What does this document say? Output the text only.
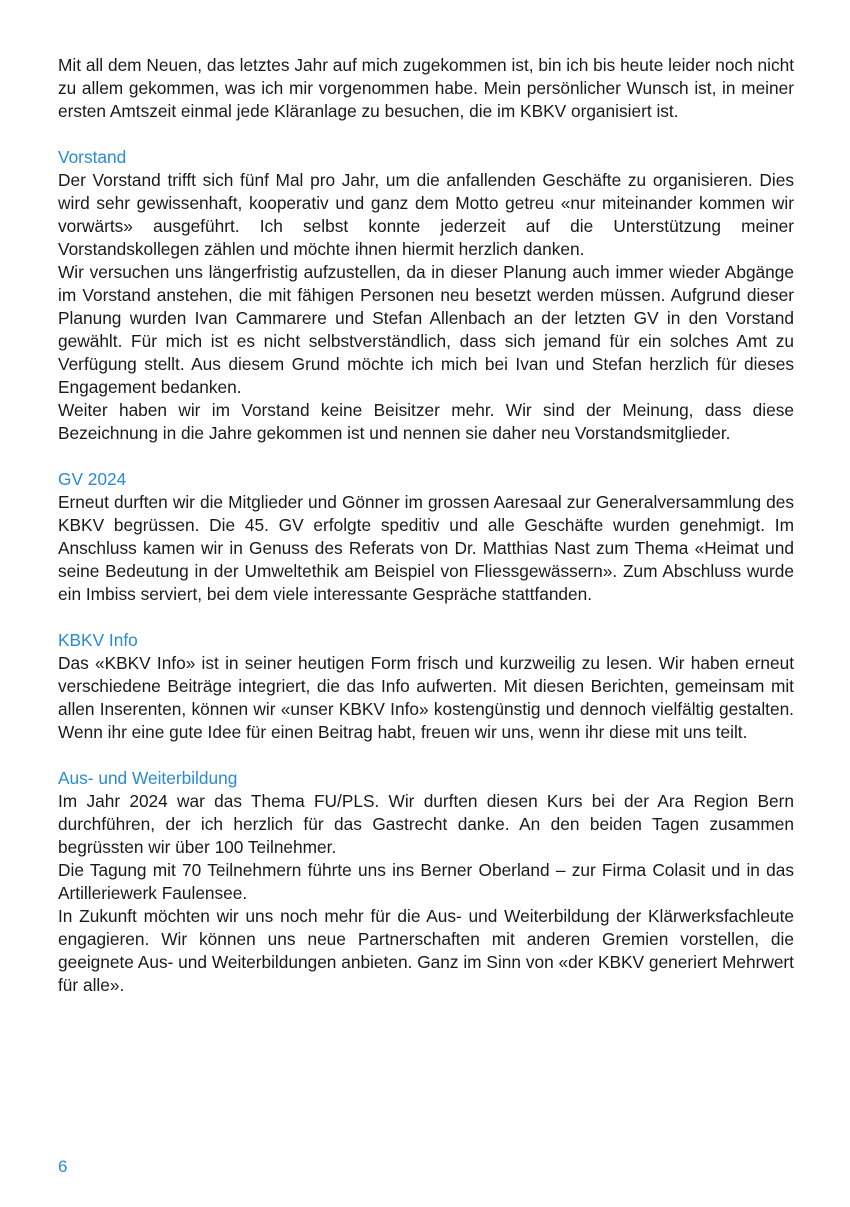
Mit all dem Neuen, das letztes Jahr auf mich zugekommen ist, bin ich bis heute leider noch nicht zu allem gekommen, was ich mir vorgenommen habe. Mein persönlicher Wunsch ist, in meiner ersten Amtszeit einmal jede Kläranlage zu besuchen, die im KBKV organisiert ist.

Vorstand

Der Vorstand trifft sich fünf Mal pro Jahr, um die anfallenden Geschäfte zu organisieren. Dies wird sehr gewissenhaft, kooperativ und ganz dem Motto getreu «nur miteinander kommen wir vorwärts» ausgeführt. Ich selbst konnte jederzeit auf die Unterstützung meiner Vorstandskollegen zählen und möchte ihnen hiermit herzlich danken.

Wir versuchen uns längerfristig aufzustellen, da in dieser Planung auch immer wieder Abgänge im Vorstand anstehen, die mit fähigen Personen neu besetzt werden müssen. Aufgrund dieser Planung wurden Ivan Cammarere und Stefan Allenbach an der letzten GV in den Vorstand gewählt. Für mich ist es nicht selbstverständlich, dass sich jemand für ein solches Amt zu Verfügung stellt. Aus diesem Grund möchte ich mich bei Ivan und Stefan herzlich für dieses Engagement bedanken.

Weiter haben wir im Vorstand keine Beisitzer mehr. Wir sind der Meinung, dass diese Bezeichnung in die Jahre gekommen ist und nennen sie daher neu Vorstandsmitglieder.

GV 2024

Erneut durften wir die Mitglieder und Gönner im grossen Aaresaal zur Generalversammlung des KBKV begrüssen. Die 45. GV erfolgte speditiv und alle Geschäfte wurden genehmigt. Im Anschluss kamen wir in Genuss des Referats von Dr. Matthias Nast zum Thema «Heimat und seine Bedeutung in der Umweltethik am Beispiel von Fliessgewässern». Zum Abschluss wurde ein Imbiss serviert, bei dem viele interessante Gespräche stattfanden.

KBKV Info

Das «KBKV Info» ist in seiner heutigen Form frisch und kurzweilig zu lesen. Wir haben erneut verschiedene Beiträge integriert, die das Info aufwerten. Mit diesen Berichten, gemeinsam mit allen Inserenten, können wir «unser KBKV Info» kostengünstig und dennoch vielfältig gestalten. Wenn ihr eine gute Idee für einen Beitrag habt, freuen wir uns, wenn ihr diese mit uns teilt.

Aus- und Weiterbildung

Im Jahr 2024 war das Thema FU/PLS. Wir durften diesen Kurs bei der Ara Region Bern durchführen, der ich herzlich für das Gastrecht danke. An den beiden Tagen zusammen begrüssten wir über 100 Teilnehmer.

Die Tagung mit 70 Teilnehmern führte uns ins Berner Oberland – zur Firma Colasit und in das Artilleriewerk Faulensee.

In Zukunft möchten wir uns noch mehr für die Aus- und Weiterbildung der Klärwerksfachleute engagieren. Wir können uns neue Partnerschaften mit anderen Gremien vorstellen, die geeignete Aus- und Weiterbildungen anbieten. Ganz im Sinn von «der KBKV generiert Mehrwert für alle».

6
